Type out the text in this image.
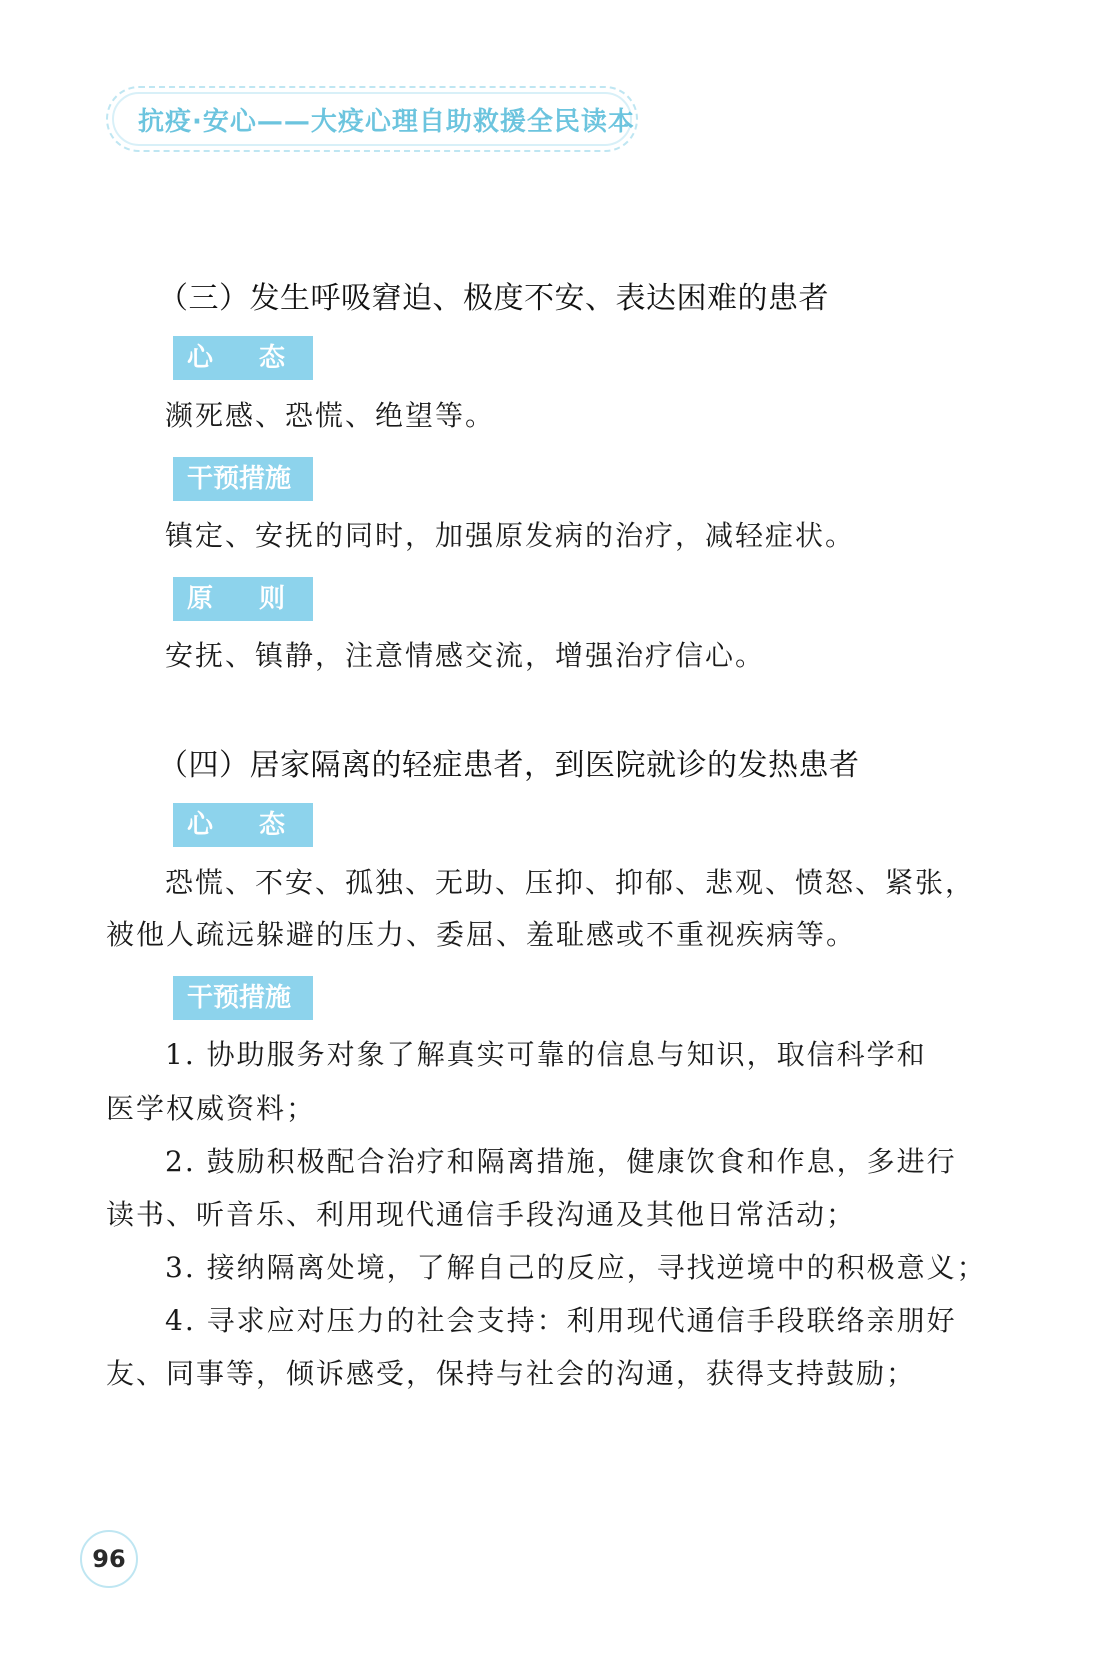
抗疫·安心——大疫心理自助救援全民读本
（三）发生呼吸窘迫、极度不安、表达困难的患者
心态
濒死感、恐慌、绝望等。
干预措施
镇定、安抚的同时，加强原发病的治疗，减轻症状。
原则
安抚、镇静，注意情感交流，增强治疗信心。
（四）居家隔离的轻症患者，到医院就诊的发热患者
心态
恐慌、不安、孤独、无助、压抑、抑郁、悲观、愤怒、紧张，
被他人疏远躲避的压力、委屈、羞耻感或不重视疾病等。
干预措施
1. 协助服务对象了解真实可靠的信息与知识，取信科学和
医学权威资料；
2. 鼓励积极配合治疗和隔离措施，健康饮食和作息，多进行
读书、听音乐、利用现代通信手段沟通及其他日常活动；
3. 接纳隔离处境，了解自己的反应，寻找逆境中的积极意义；
4. 寻求应对压力的社会支持：利用现代通信手段联络亲朋好
友、同事等，倾诉感受，保持与社会的沟通，获得支持鼓励；
96
